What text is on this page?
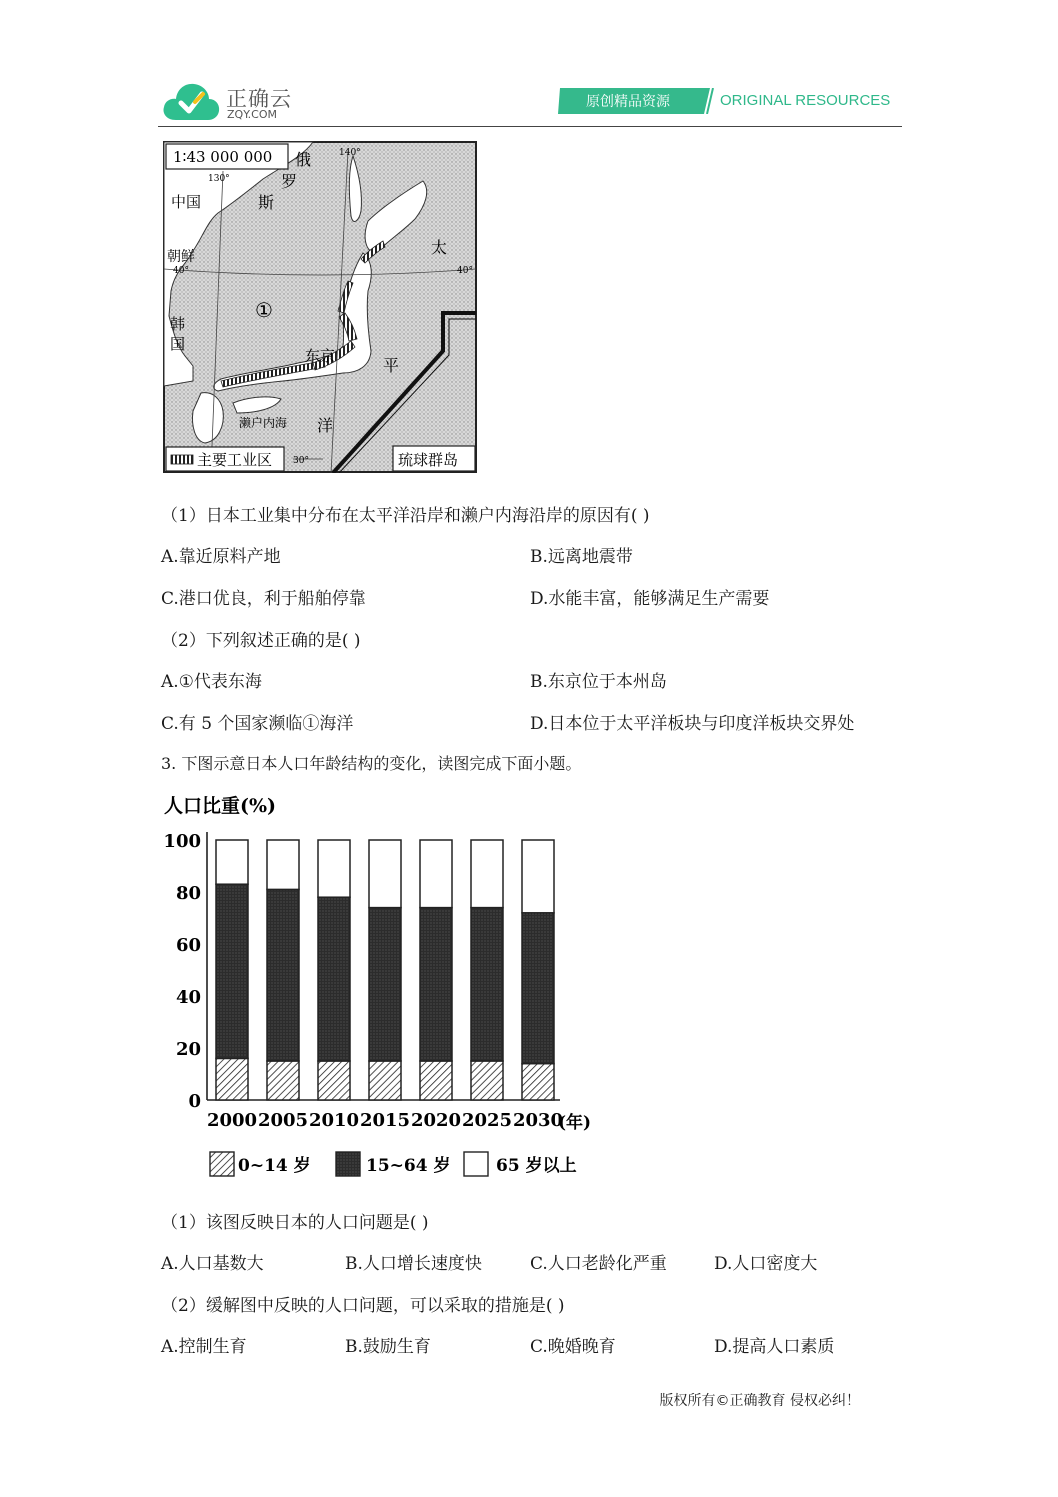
正确云
ZQY.COM
原创精品资源	ORIGINAL RESOURCES
1∶43 000 000 俄
罗
斯
中国
朝鲜
韩
国
①
东京
濑户内海
太
平
洋
130°
140°
40°	40°
30°
主要工业区	琉球群岛
（1）日本工业集中分布在太平洋沿岸和濑户内海沿岸的原因有( )
A.靠近原料产地	B.远离地震带
C.港口优良，利于船舶停靠	D.水能丰富，能够满足生产需要
（2）下列叙述正确的是( )
A.①代表东海	B.东京位于本州岛
C.有 5 个国家濒临①海洋	D.日本位于太平洋板块与印度洋板块交界处
3. 下图示意日本人口年龄结构的变化，读图完成下面小题。
人口比重(%)
0
20
40
60
80
100
2000 2005 2010 2015 2020 2025 2030
(年)
0~14 岁	15~64 岁	65 岁以上
（1）该图反映日本的人口问题是( )
A.人口基数大	B.人口增长速度快	C.人口老龄化严重	D.人口密度大
（2）缓解图中反映的人口问题，可以采取的措施是( )
A.控制生育	B.鼓励生育	C.晚婚晚育	D.提高人口素质
版权所有©正确教育 侵权必纠！
